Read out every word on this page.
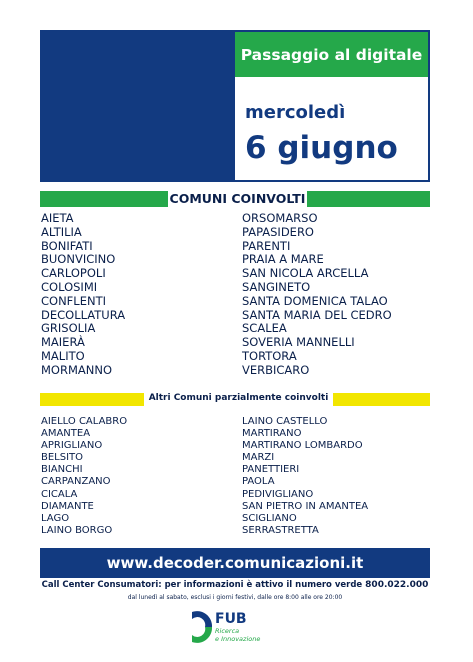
Passaggio al digitale
mercoledì
6 giugno
COMUNI COINVOLTI
AIETA
ALTILIA
BONIFATI
BUONVICINO
CARLOPOLI
COLOSIMI
CONFLENTI
DECOLLATURA
GRISOLIA
MAIERÀ
MALITO
MORMANNO
ORSOMARSO
PAPASIDERO
PARENTI
PRAIA A MARE
SAN NICOLA ARCELLA
SANGINETO
SANTA DOMENICA TALAO
SANTA MARIA DEL CEDRO
SCALEA
SOVERIA MANNELLI
TORTORA
VERBICARO
Altri Comuni parzialmente coinvolti
AIELLO CALABRO
AMANTEA
APRIGLIANO
BELSITO
BIANCHI
CARPANZANO
CICALA
DIAMANTE
LAGO
LAINO BORGO
LAINO CASTELLO
MARTIRANO
MARTIRANO LOMBARDO
MARZI
PANETTIERI
PAOLA
PEDIVIGLIANO
SAN PIETRO IN AMANTEA
SCIGLIANO
SERRASTRETTA
www.decoder.comunicazioni.it
Call Center Consumatori: per informazioni è attivo il numero verde 800.022.000
dal lunedì al sabato, esclusi i giorni festivi, dalle ore 8:00 alle ore 20:00
FUB
Ricerca
e Innovazione
